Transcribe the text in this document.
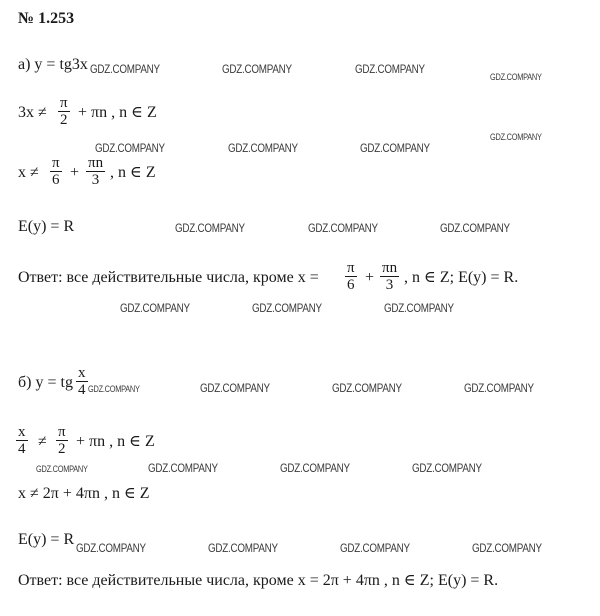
№ 1.253
а) y = tg3x
$3x \ne \frac{\pi}{2} + \pi n$ , n ∈ Z
$x \ne \frac{\pi}{6} + \frac{\pi n}{3}$ , n ∈ Z
E(y) = R
Ответ: все действительные числа, кроме $x = \frac{\pi}{6} + \frac{\pi n}{3}$ , n ∈ Z; E(y) = R.
б) y = tg $\frac{x}{4}$
$\frac{x}{4} \ne \frac{\pi}{2} + \pi n$ , n ∈ Z
x ≠ 2π + 4πn , n ∈ Z
E(y) = R
Ответ: все действительные числа, кроме x = 2π + 4πn , n ∈ Z; E(y) = R.
GDZ.COMPANY	GDZ.COMPANY	GDZ.COMPANY
GDZ.COMPANY
GDZ.COMPANY
GDZ.COMPANY	GDZ.COMPANY	GDZ.COMPANY
GDZ.COMPANY	GDZ.COMPANY	GDZ.COMPANY
GDZ.COMPANY	GDZ.COMPANY	GDZ.COMPANY
GDZ.COMPANY	GDZ.COMPANY	GDZ.COMPANY	GDZ.COMPANY
GDZ.COMPANY	GDZ.COMPANY	GDZ.COMPANY	GDZ.COMPANY
GDZ.COMPANY	GDZ.COMPANY	GDZ.COMPANY	GDZ.COMPANY
